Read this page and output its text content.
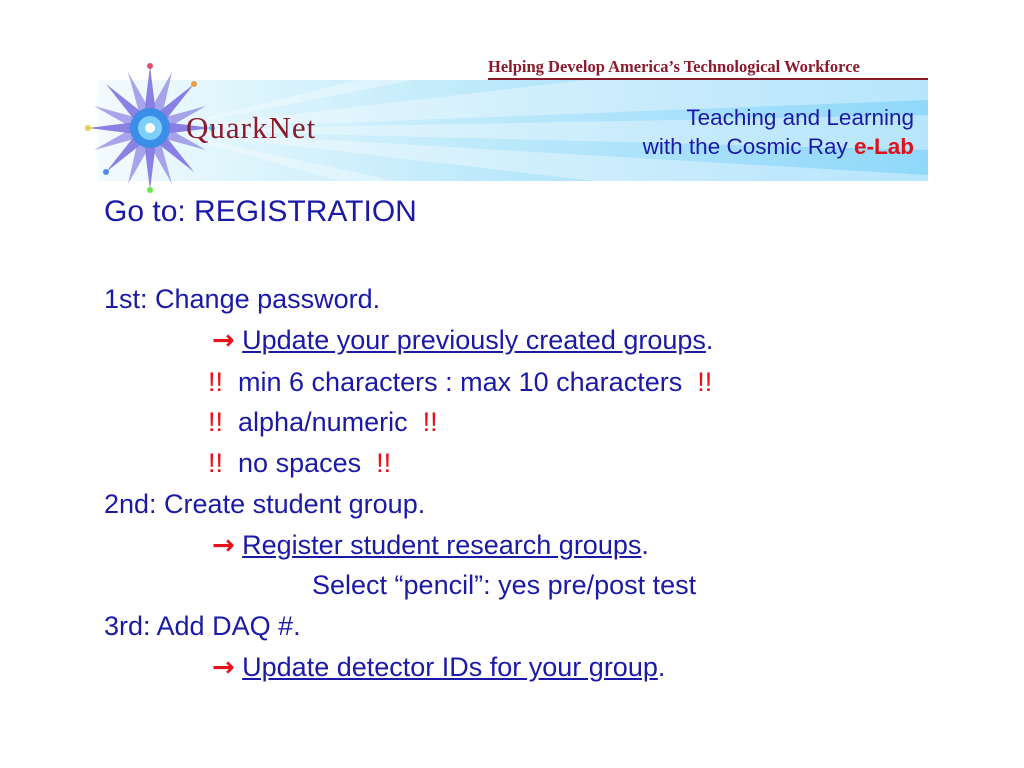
Helping Develop America’s Technological Workforce
QuarkNet	Teaching and Learning
with the Cosmic Ray e-Lab
Go to: REGISTRATION
1st: Change password.
→ Update your previously created groups.
!! min 6 characters : max 10 characters !!
!! alpha/numeric !!
!! no spaces !!
2nd: Create student group.
→ Register student research groups.
Select “pencil”: yes pre/post test
3rd: Add DAQ #.
→ Update detector IDs for your group.
